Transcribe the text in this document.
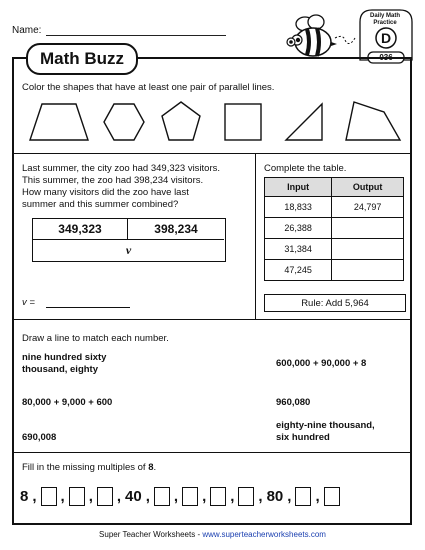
Name:
Daily Math
Practice
D
036
Math Buzz
Color the shapes that have at least one pair of parallel lines.
Last summer, the city zoo had 349,323 visitors.
This summer, the zoo had 398,234 visitors.
How many visitors did the zoo have last
summer and this summer combined?
349,323	398,234
v
v =
Complete the table.
Input	Output
18,833	24,797
26,388	
31,384	
47,245	
Rule: Add 5,964
Draw a line to match each number.
nine hundred sixty
thousand, eighty
80,000 + 9,000 + 600
690,008
600,000 + 90,000 + 8
960,080
eighty-nine thousand,
six hundred
Fill in the missing multiples of 8.
8 , , , , 40 , , , , , 80 , ,
Super Teacher Worksheets - www.superteacherworksheets.com
